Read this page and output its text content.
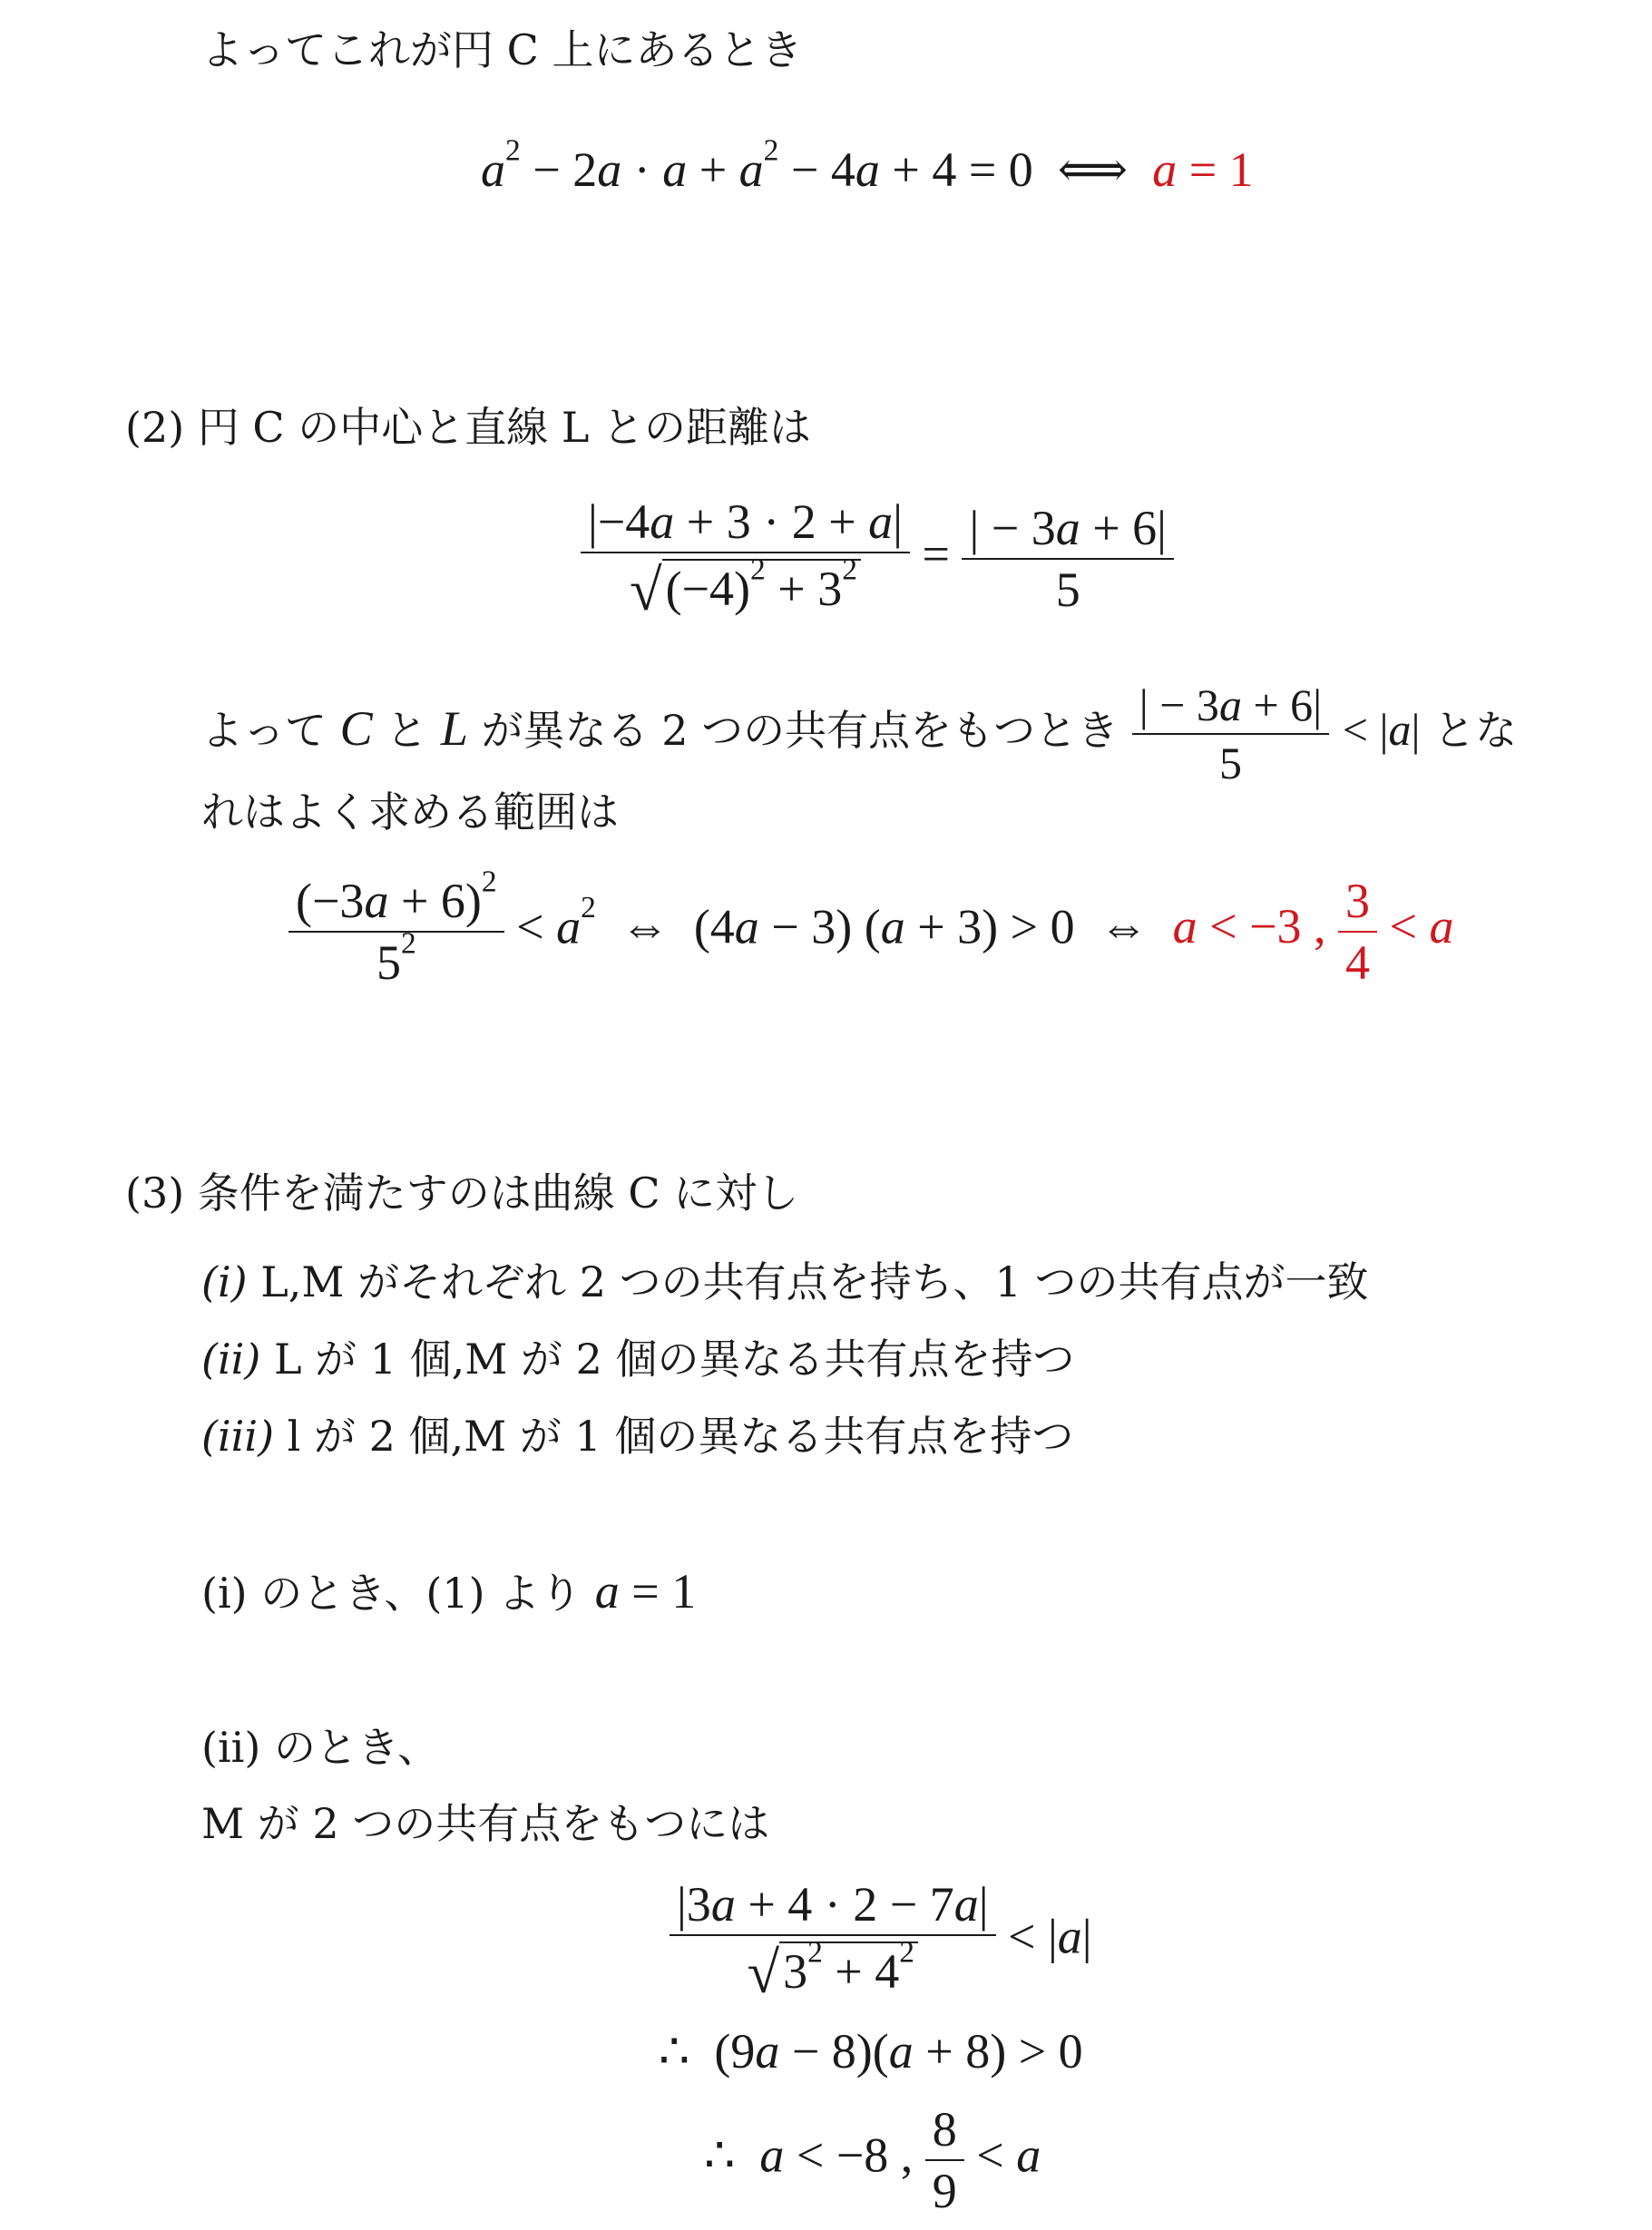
よってこれが円 C 上にあるとき
$a^2 - 2a \cdot a + a^2 - 4a + 4 = 0$  ⟺  a = 1
(2) 円 C の中心と直線 L との距離は
$\frac{|-4a + 3 \cdot 2 + a|}{√(-4)^2 + 3^2} = \frac{| - 3a + 6|}{5}$
よって C と L が異なる 2 つの共有点をもつとき $\frac{| - 3a + 6|}{5} < |a|$ とな
れはよく求める範囲は
$\frac{(-3a + 6)^2}{5^2} < a^2$  ⇔  (4a − 3) (a + 3) > 0  ⇔  a < −3 , $\frac{3}{4} < a$
(3) 条件を満たすのは曲線 C に対し
(i) L,M がそれぞれ 2 つの共有点を持ち、1 つの共有点が一致
(ii) L が 1 個,M が 2 個の異なる共有点を持つ
(iii) l が 2 個,M が 1 個の異なる共有点を持つ
(i) のとき、(1) より a = 1
(ii) のとき、
M が 2 つの共有点をもつには
$\frac{|3a + 4 \cdot 2 - 7a|}{√3^2 + 4^2} < |a|$
∴  (9a − 8)(a + 8) > 0
∴  a < −8 , $\frac{8}{9} < a$
